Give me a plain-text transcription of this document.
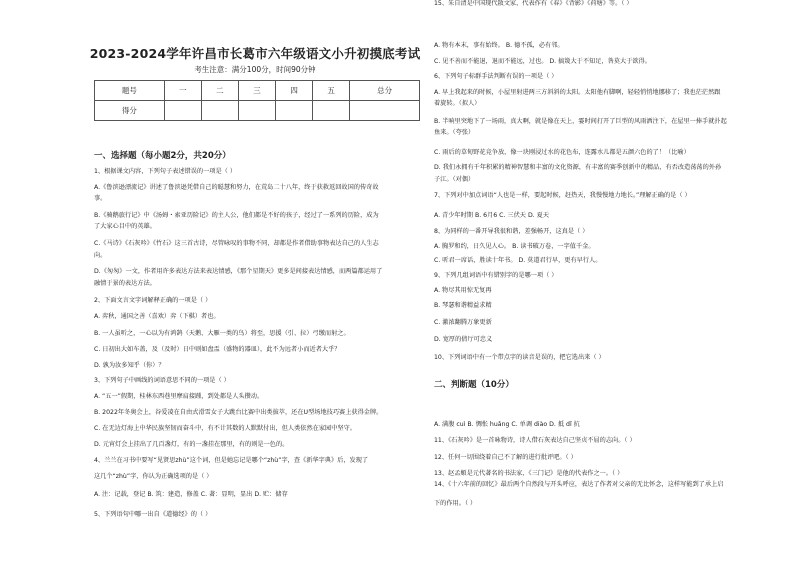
2023-2024学年许昌市长葛市六年级语文小升初摸底考试
考生注意：满分100分，时间90分钟
题号	一	二	三	四	五	总分
得分						
一、选择题（每小题2分，共20分）
1、根据课文内容，下列句子表述错误的一项是（ ）
A.《鲁滨逊漂流记》讲述了鲁滨逊凭借自己的聪慧和努力，在荒岛二十八年，终于获救返回故国的传奇故
事。
B.《骑鹅旅行记》中《汤姆・索亚历险记》的主人公，他们都是不好的孩子，经过了一系列的历险，成为
了大家心目中的英雄。
C.《马诗》《石灰吟》《竹石》这三首古诗，尽管咏叹的事物不同，却都是作者借助事物表达自己的人生志
向。
D.《匆匆》一文，作者用许多表达方法来表达情感，《那个星期天》更多是间接表达情感，而两篇都运用了
融情于景的表达方法。
2、下面文言文字词解释正确的一项是（ ）
A. 弈秋，通国之善（喜欢）弈（下棋）者也。
B. 一人虽听之，一心以为有鸿鹄（天鹅、大雁一类的鸟）将至，思援（引、拉）弓缴而射之。
C. 日初出大如车盖，及（及时）日中则如盘盂（盛物的器皿），此不为远者小而近者大乎？
D. 孰为汝多知乎（你）？
3、下列句子中画线的词语意思不同的一项是（ ）
A. “五一”假期，桂林东西巷里摩肩接踵，到处都是人头攒动。
B. 2022年冬奥会上，谷爱凌在自由式滑雪女子大跳台比赛中出类拔萃，还在U型场地技巧赛上获得金牌。
C. 在无边灯海上中华民族坚韧而奋斗中，有不计其数的人默默付出，但人类依然在家园中坚守。
D. 元宵灯会上挂出了几百盏灯，有的一盏挂在那里，有的则是一色的。
4、兰兰在习书中要写“见贤思zhù”这个词，但是她忘记是哪个“zhù”字，查《新华字典》后，发现了
这几个“zhù”字，你认为正确选项的是（ ）
A. 注：记载，登记 B. 筑：建造，修盖 C. 著：显明，显出 D. 贮：储存
5、下列语句中哪一出自《道德经》的（ ）
A. 物有本末，事有始终。 B. 德不孤，必有邻。
C. 见不善而不能退，退而不能远，过也。 D. 搞篾大于不知足，咎莫大于欲得。
6、下列句子标群手法判断有误的一项是（ ）
A. 早上我起来的时候，小屋里射进两三方斜斜的太阳。太阳他有脚啊，轻轻悄悄地挪移了；我也茫茫然跟
着旋转。（拟人）
B. 半响里突地下了一场雨，真大啊，就是像在天上，霎时间打开了巨型的风雨洒注下，在屋里一捧手就扑起
鱼来。（夸张）
C. 雨后的草甸野花竞争放，像一块刚浸过水的花色布，连露水儿都是五颜六色的了！（比喻）
D. 我们永拥有千年积累的精神智慧和丰富的文化资源，有丰富的赛季创新中的精品，有否改造荡荡的外孙
子江。（对偶）
7、下列对中加点词语“人也是一样，要起时候，赶热天，我慢慢地力地长。”理解正确的是（ ）
A. 青少年时期 B. 6月6 C. 三伏天 D. 夏天
8、为同样的一番开导我很和谐，差强畅开，这真是（ ）
A. 胸罗和约，日久见人心。 B. 读书破万卷，一字值千金。
C. 听君一席话，胜读十年书。 D. 莫道君行早，更有早行人。
9、下列几组词语中有错别字的是哪一项（ ）
A. 物尽其用惊无复再
B. 琴瑟和谐精益求精
C. 激浓翻腾万象更新
D. 宽厚的倩厅可忠义
10、下列词语中有一个带点字的读音是误的，把它选出来（ ）
A. 满腹 cuì B. 惆怅 huǎng C. 单调 diào D. 抵 dǐ 抗
11、《石灰吟》是一首咏物诗，诗人借石灰表达自己坚贞不屈的志向。（ ）
12、任何一切围绕着自己不了解的进行批评吧。（ ）
13、赵孟頫是元代著名的书法家，《三门记》是他的代表作之一。（ ）
14、《十六年前的回忆》最后两个自然段与开头呼应，表达了作者对父亲的无比怀念，这样写能到了承上启
下的作用。（ ）
15、朱自清是中国现代散文家，代表作有《春》《背影》《荷塘》等。（ ）
二、判断题（10分）
